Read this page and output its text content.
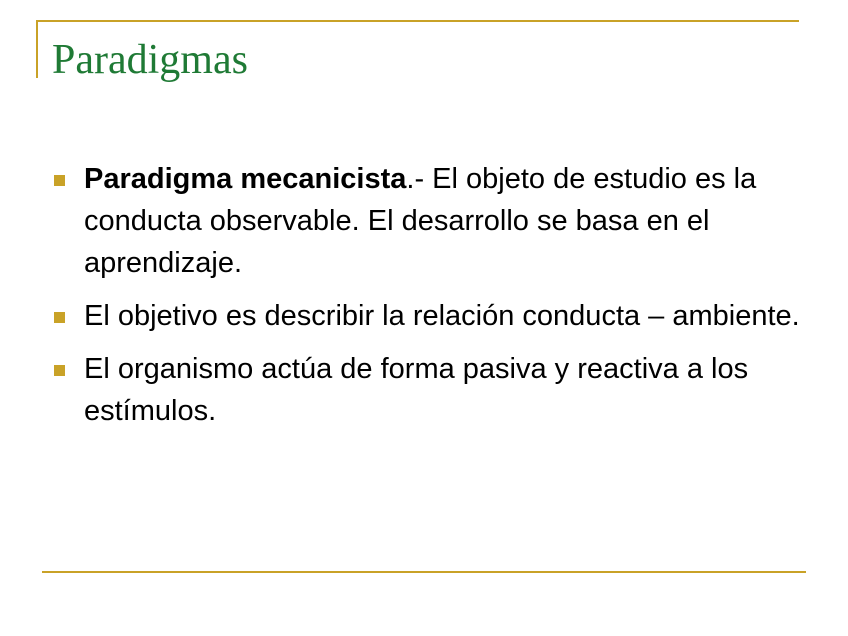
Paradigmas
Paradigma mecanicista.- El objeto de estudio es la conducta observable. El desarrollo se basa en el aprendizaje.
El objetivo es describir la relación conducta – ambiente.
El organismo actúa de forma pasiva y reactiva a los estímulos.
